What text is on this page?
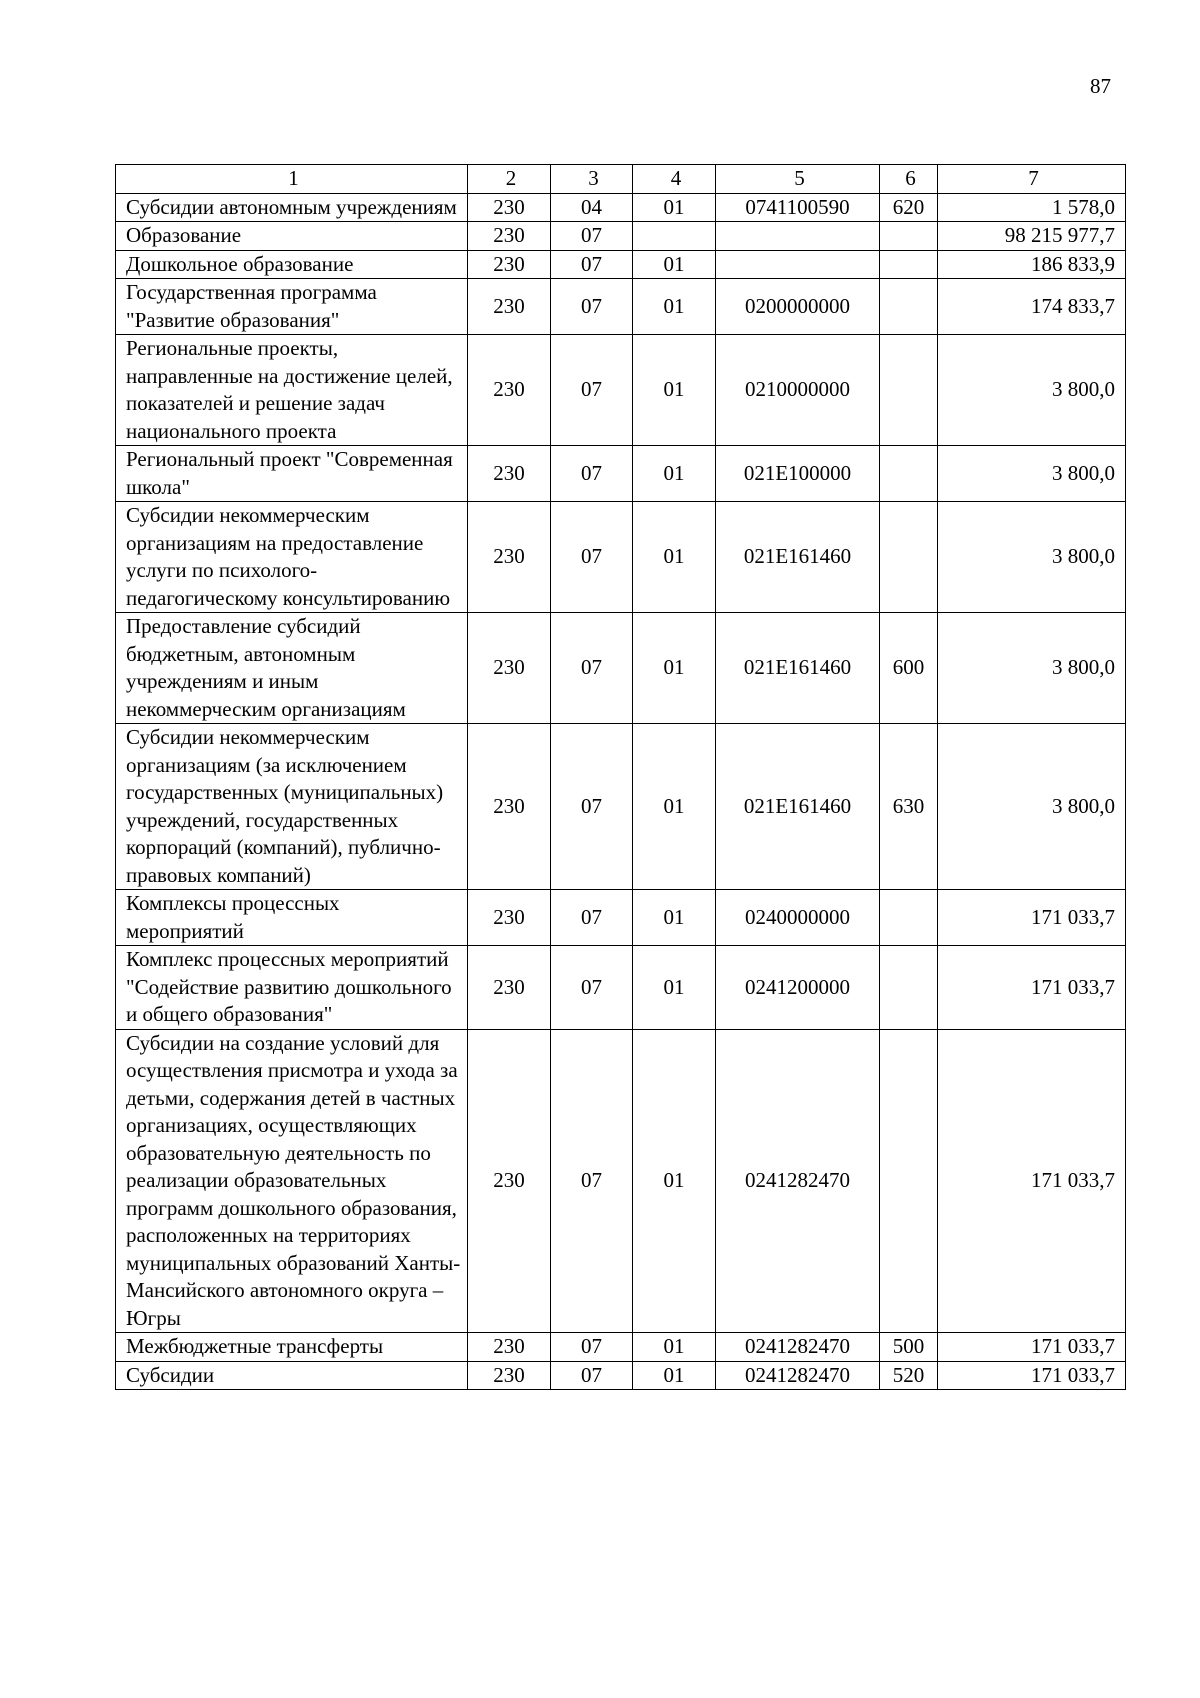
87
1	2	3	4	5	6	7
Субсидии автономным учреждениям	230	04	01	0741100590	620	1 578,0
Образование	230	07				98 215 977,7
Дошкольное образование	230	07	01			186 833,9
Государственная программа "Развитие образования"	230	07	01	0200000000		174 833,7
Региональные проекты, направленные на достижение целей, показателей и решение задач национального проекта	230	07	01	0210000000		3 800,0
Региональный проект "Современная школа"	230	07	01	021E100000		3 800,0
Субсидии некоммерческим организациям на предоставление услуги по психолого-педагогическому консультированию	230	07	01	021E161460		3 800,0
Предоставление субсидий бюджетным, автономным учреждениям и иным некоммерческим организациям	230	07	01	021E161460	600	3 800,0
Субсидии некоммерческим организациям (за исключением государственных (муниципальных) учреждений, государственных корпораций (компаний), публично-правовых компаний)	230	07	01	021E161460	630	3 800,0
Комплексы процессных мероприятий	230	07	01	0240000000		171 033,7
Комплекс процессных мероприятий "Содействие развитию дошкольного и общего образования"	230	07	01	0241200000		171 033,7
Субсидии на создание условий для осуществления присмотра и ухода за детьми, содержания детей в частных организациях, осуществляющих образовательную деятельность по реализации образовательных программ дошкольного образования, расположенных на территориях муниципальных образований Ханты-Мансийского автономного округа – Югры	230	07	01	0241282470		171 033,7
Межбюджетные трансферты	230	07	01	0241282470	500	171 033,7
Субсидии	230	07	01	0241282470	520	171 033,7
